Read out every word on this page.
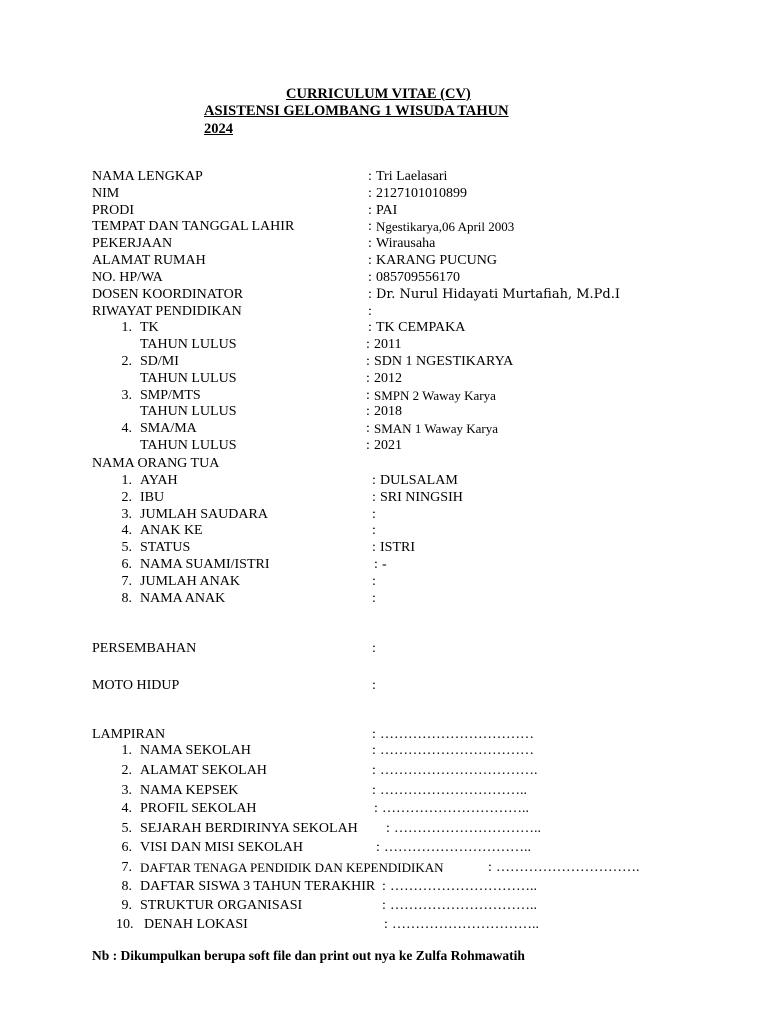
CURRICULUM VITAE (CV)
ASISTENSI GELOMBANG 1 WISUDA TAHUN
2024
NAMA LENGKAP	: Tri Laelasari
NIM	: 2127101010899
PRODI	: PAI
TEMPAT DAN TANGGAL LAHIR	: Ngestikarya,06 April 2003
PEKERJAAN	: Wirausaha
ALAMAT RUMAH	: KARANG PUCUNG
NO. HP/WA	: 085709556170
DOSEN KOORDINATOR	: Dr. Nurul Hidayati Murtafiah, M.Pd.I
RIWAYAT PENDIDIKAN	:
1. TK	: TK CEMPAKA
TAHUN LULUS	: 2011
2. SD/MI	: SDN 1 NGESTIKARYA
TAHUN LULUS	: 2012
3. SMP/MTS	: SMPN 2 Waway Karya
TAHUN LULUS	: 2018
4. SMA/MA	: SMAN 1 Waway Karya
TAHUN LULUS	: 2021
NAMA ORANG TUA
1. AYAH	: DULSALAM
2. IBU	: SRI NINGSIH
3. JUMLAH SAUDARA	:
4. ANAK KE	:
5. STATUS	: ISTRI
6. NAMA SUAMI/ISTRI	: -
7. JUMLAH ANAK	:
8. NAMA ANAK	:
PERSEMBAHAN	:
MOTO HIDUP	:
LAMPIRAN	: ……………………………
1. NAMA SEKOLAH	: ……………………………
2. ALAMAT SEKOLAH	: …………………………….
3. NAMA KEPSEK	: …………………………..
4. PROFIL SEKOLAH	: …………………………..
5. SEJARAH BERDIRINYA SEKOLAH : …………………………..
6. VISI DAN MISI SEKOLAH	: …………………………..
7. DAFTAR TENAGA PENDIDIK DAN KEPENDIDIKAN	: ………………………….
8. DAFTAR SISWA 3 TAHUN TERAKHIR : …………………………..
9. STRUKTUR ORGANISASI	: …………………………..
10. DENAH LOKASI	: …………………………..
Nb : Dikumpulkan berupa soft file dan print out nya ke Zulfa Rohmawatih
